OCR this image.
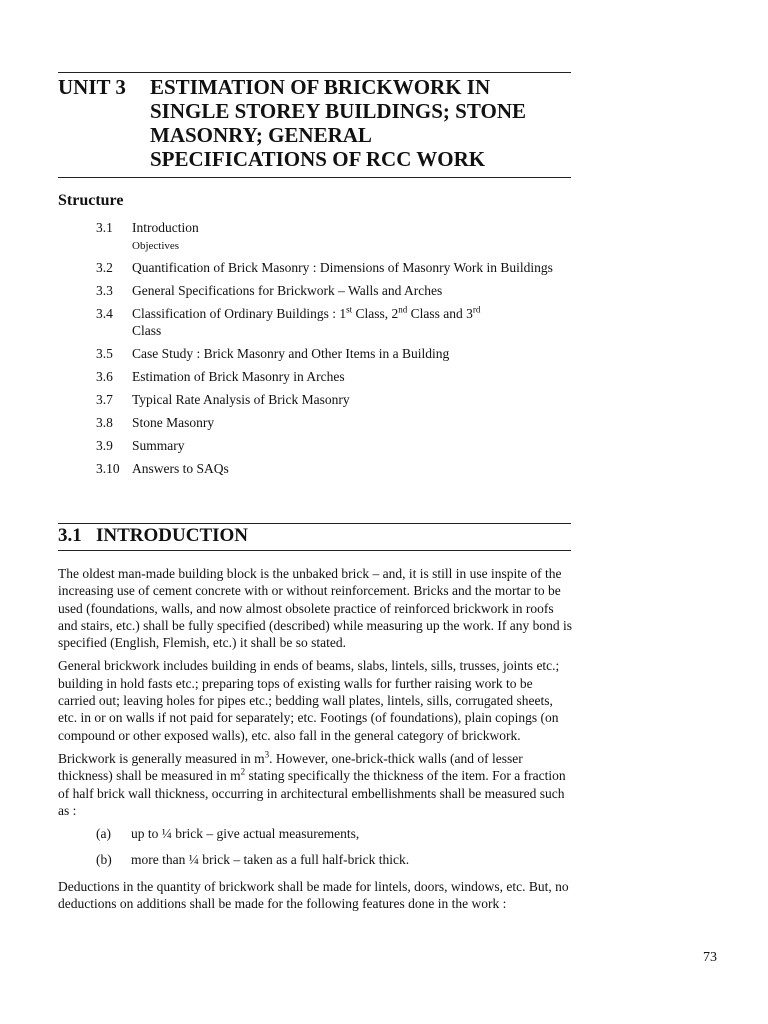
UNIT 3 ESTIMATION OF BRICKWORK IN
SINGLE STOREY BUILDINGS; STONE
MASONRY; GENERAL
SPECIFICATIONS OF RCC WORK
Structure
3.1	Introduction
Objectives
3.2	Quantification of Brick Masonry : Dimensions of Masonry Work in Buildings
3.3	General Specifications for Brickwork – Walls and Arches
3.4	Classification of Ordinary Buildings : 1st Class, 2nd Class and 3rd
Class
3.5	Case Study : Brick Masonry and Other Items in a Building
3.6	Estimation of Brick Masonry in Arches
3.7	Typical Rate Analysis of Brick Masonry
3.8	Stone Masonry
3.9	Summary
3.10 Answers to SAQs
3.1 INTRODUCTION

The oldest man-made building block is the unbaked brick – and, it is still in use inspite of the increasing use of cement concrete with or without reinforcement. Bricks and the mortar to be used (foundations, walls, and now almost obsolete practice of reinforced brickwork in roofs and stairs, etc.) shall be fully specified (described) while measuring up the work. If any bond is specified (English, Flemish, etc.) it shall be so stated.

General brickwork includes building in ends of beams, slabs, lintels, sills, trusses, joints etc.; building in hold fasts etc.; preparing tops of existing walls for further raising work to be carried out; leaving holes for pipes etc.; bedding wall plates, lintels, sills, corrugated sheets, etc. in or on walls if not paid for separately; etc. Footings (of foundations), plain copings (on compound or other exposed walls), etc. also fall in the general category of brickwork.

Brickwork is generally measured in $m^3$. However, one-brick-thick walls (and of lesser thickness) shall be measured in $m^2$ stating specifically the thickness of the item. For a fraction of half brick wall thickness, occurring in architectural embellishments shall be measured such as :

(a) up to ¼ brick – give actual measurements,
(b) more than ¼ brick – taken as a full half-brick thick.

Deductions in the quantity of brickwork shall be made for lintels, doors, windows, etc. But, no deductions on additions shall be made for the following features done in the work :

73
